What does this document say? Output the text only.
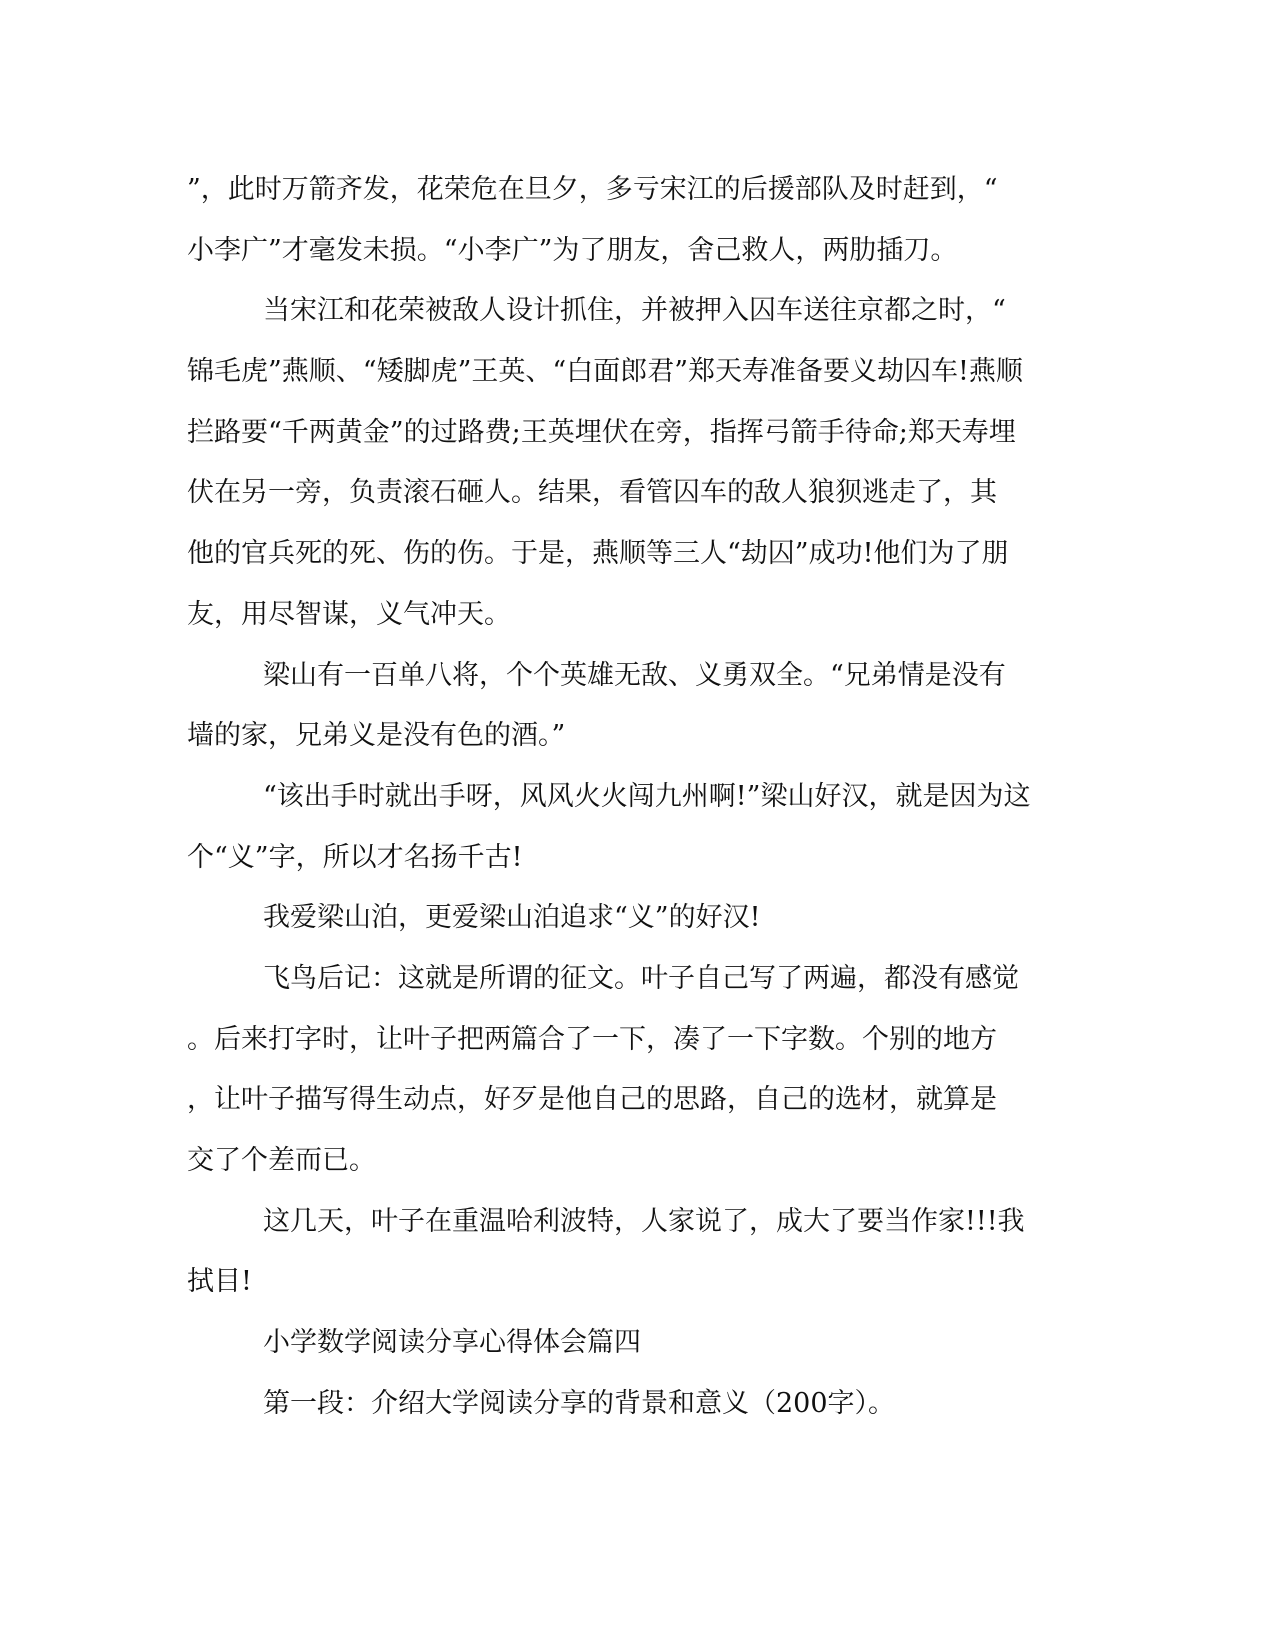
”，此时万箭齐发，花荣危在旦夕，多亏宋江的后援部队及时赶到，“
小李广”才毫发未损。“小李广”为了朋友，舍己救人，两肋插刀。
当宋江和花荣被敌人设计抓住，并被押入囚车送往京都之时，“
锦毛虎”燕顺、“矮脚虎”王英、“白面郎君”郑天寿准备要义劫囚车!燕顺
拦路要“千两黄金”的过路费;王英埋伏在旁，指挥弓箭手待命;郑天寿埋
伏在另一旁，负责滚石砸人。结果，看管囚车的敌人狼狈逃走了，其
他的官兵死的死、伤的伤。于是，燕顺等三人“劫囚”成功!他们为了朋
友，用尽智谋，义气冲天。
梁山有一百单八将，个个英雄无敌、义勇双全。“兄弟情是没有
墙的家，兄弟义是没有色的酒。”
“该出手时就出手呀，风风火火闯九州啊!”梁山好汉，就是因为这
个“义”字，所以才名扬千古!
我爱梁山泊，更爱梁山泊追求“义”的好汉!
飞鸟后记：这就是所谓的征文。叶子自己写了两遍，都没有感觉
。后来打字时，让叶子把两篇合了一下，凑了一下字数。个别的地方
，让叶子描写得生动点，好歹是他自己的思路，自己的选材，就算是
交了个差而已。
这几天，叶子在重温哈利波特，人家说了，成大了要当作家!!!我
拭目!
小学数学阅读分享心得体会篇四
第一段：介绍大学阅读分享的背景和意义（200字）。
